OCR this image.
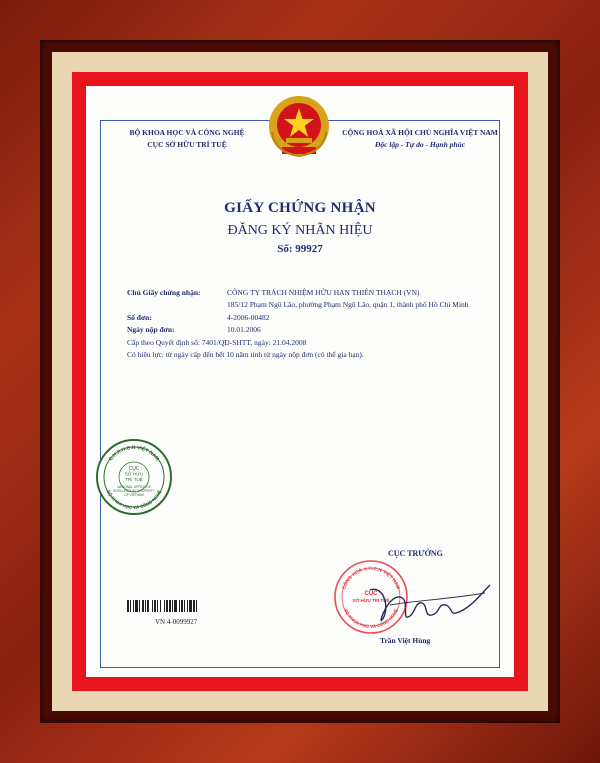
BỘ KHOA HỌC VÀ CÔNG NGHỆ
CỤC SỞ HỮU TRÍ TUỆ
CỘNG HOÀ XÃ HỘI CHỦ NGHĨA VIỆT NAM
Độc lập - Tự do - Hạnh phúc
GIẤY CHỨNG NHẬN
ĐĂNG KÝ NHÃN HIỆU
Số: 99927
Chủ Giấy chứng nhận:	CÔNG TY TRÁCH NHIỆM HỮU HẠN THIÊN THẠCH (VN)
185/12 Phạm Ngũ Lão, phường Phạm Ngũ Lão, quận 1, thành phố Hồ Chí Minh
Số đơn:	4-2006-00482
Ngày nộp đơn:	10.01.2006
Cấp theo Quyết định số: 7401/QĐ-SHTT, ngày: 21.04.2008
Có hiệu lực: từ ngày cấp đến hết 10 năm tính từ ngày nộp đơn (có thể gia hạn).
C.H.X.H.C.N VIỆT NAM
BỘ KHOA HỌC VÀ CÔNG NGHỆ
CỤC
SỞ HỮU
TRÍ TUỆ
NATIONAL OFFICE OF
INTELLECTUAL PROPERTY
OF VIETNAM
CỤC TRƯỞNG
CỘNG HOÀ X.H.C.N VIỆT NAM
BỘ KHOA HỌC VÀ CÔNG NGHỆ
CỤC
SỞ HỮU TRÍ TUỆ
Trần Việt Hùng
VN 4-0099927
